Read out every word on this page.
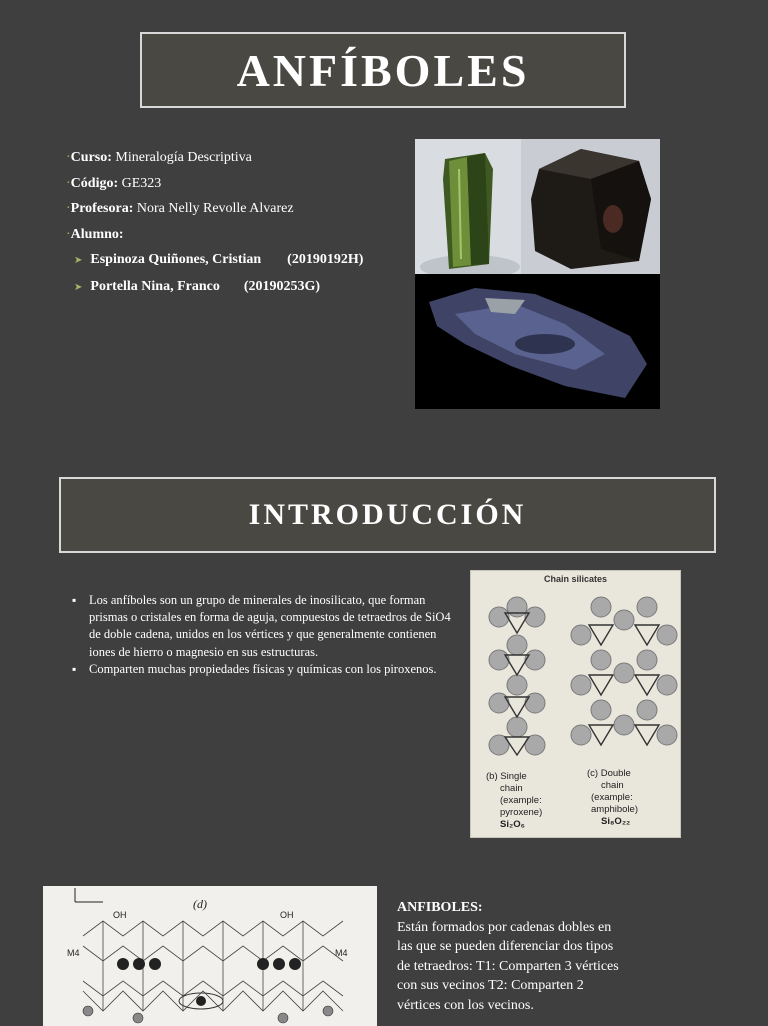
ANFÍBOLES
·Curso: Mineralogía Descriptiva
·Código: GE323
·Profesora: Nora Nelly Revolle Alvarez
·Alumno:
➤ Espinoza Quiñones, Cristian (20190192H)
➤ Portella Nina, Franco (20190253G)
INTRODUCCIÓN
▪ Los anfíboles son un grupo de minerales de inosilicato, que forman prismas o cristales en forma de aguja, compuestos de tetraedros de SiO4 de doble cadena, unidos en los vértices y que generalmente contienen iones de hierro o magnesio en sus estructuras.
▪ Comparten muchas propiedades físicas y químicas con los piroxenos.
Chain silicates
(b) Single
chain
(example:
pyroxene)
Si₂O₆
(c) Double
chain
(example:
amphibole)
Si₈O₂₂
(d)
OH	OH
M4	M4
ANFIBOLES:
Están formados por cadenas dobles en las que se pueden diferenciar dos tipos de tetraedros: T1: Comparten 3 vértices con sus vecinos T2: Comparten 2 vértices con los vecinos.
